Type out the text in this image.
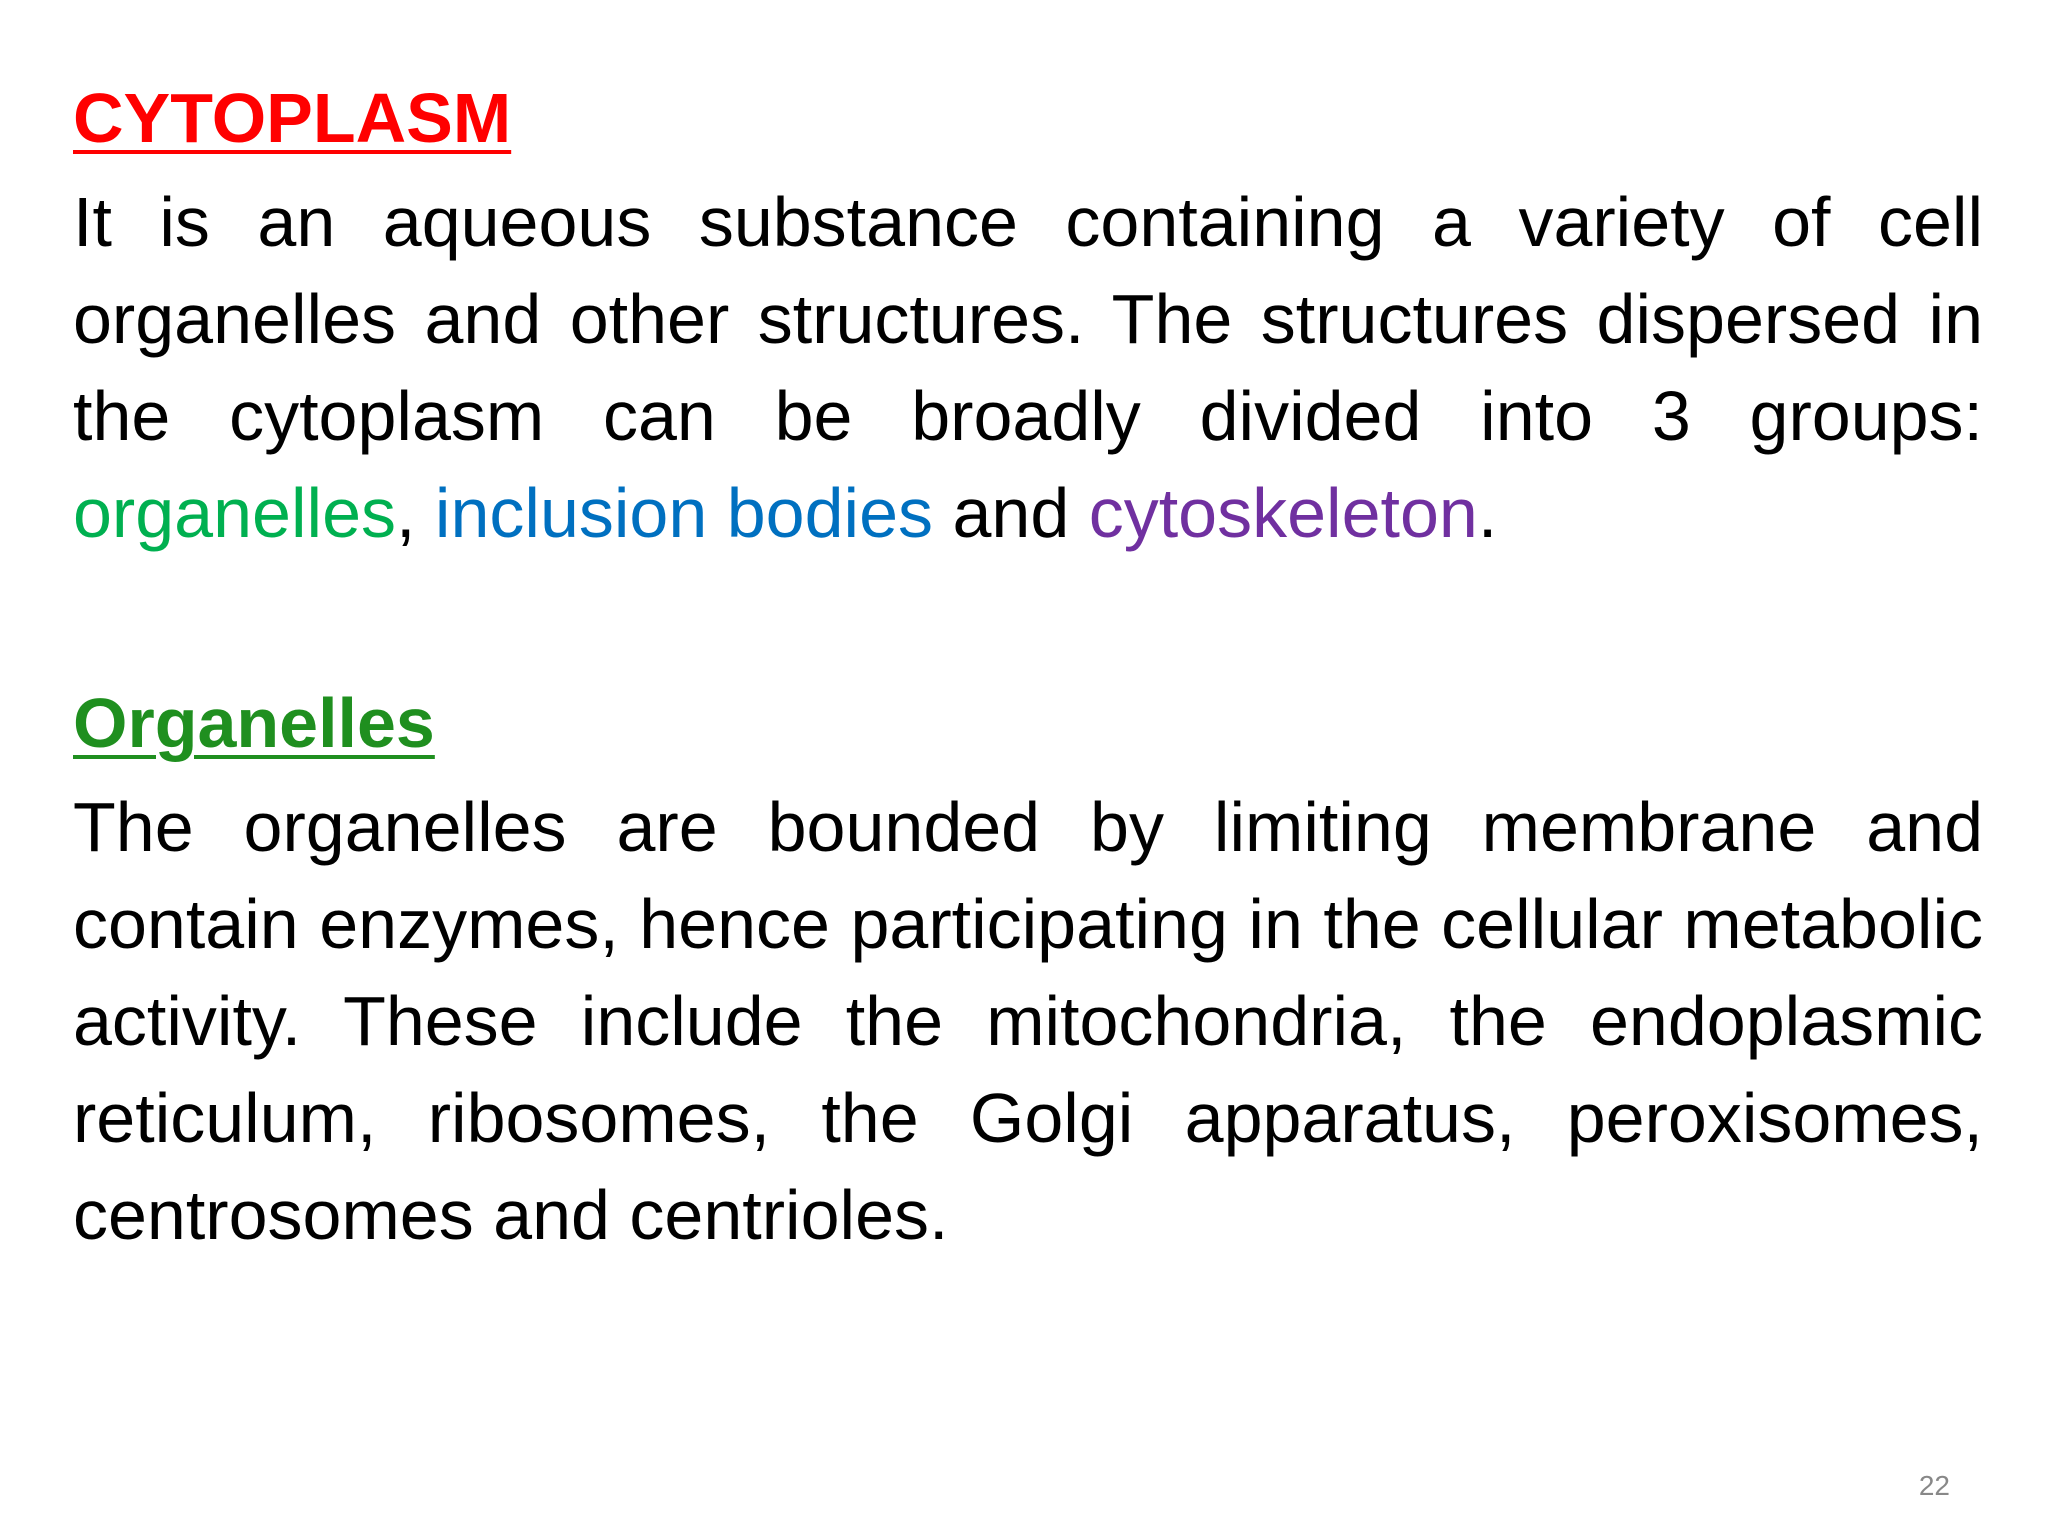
CYTOPLASM

It is an aqueous substance containing a variety of cell organelles and other structures. The structures dispersed in the cytoplasm can be broadly divided into 3 groups: organelles, inclusion bodies and cytoskeleton.

Organelles

The organelles are bounded by limiting membrane and contain enzymes, hence participating in the cellular metabolic activity. These include the mitochondria, the endoplasmic reticulum, ribosomes, the Golgi apparatus, peroxisomes, centrosomes and centrioles.

22
